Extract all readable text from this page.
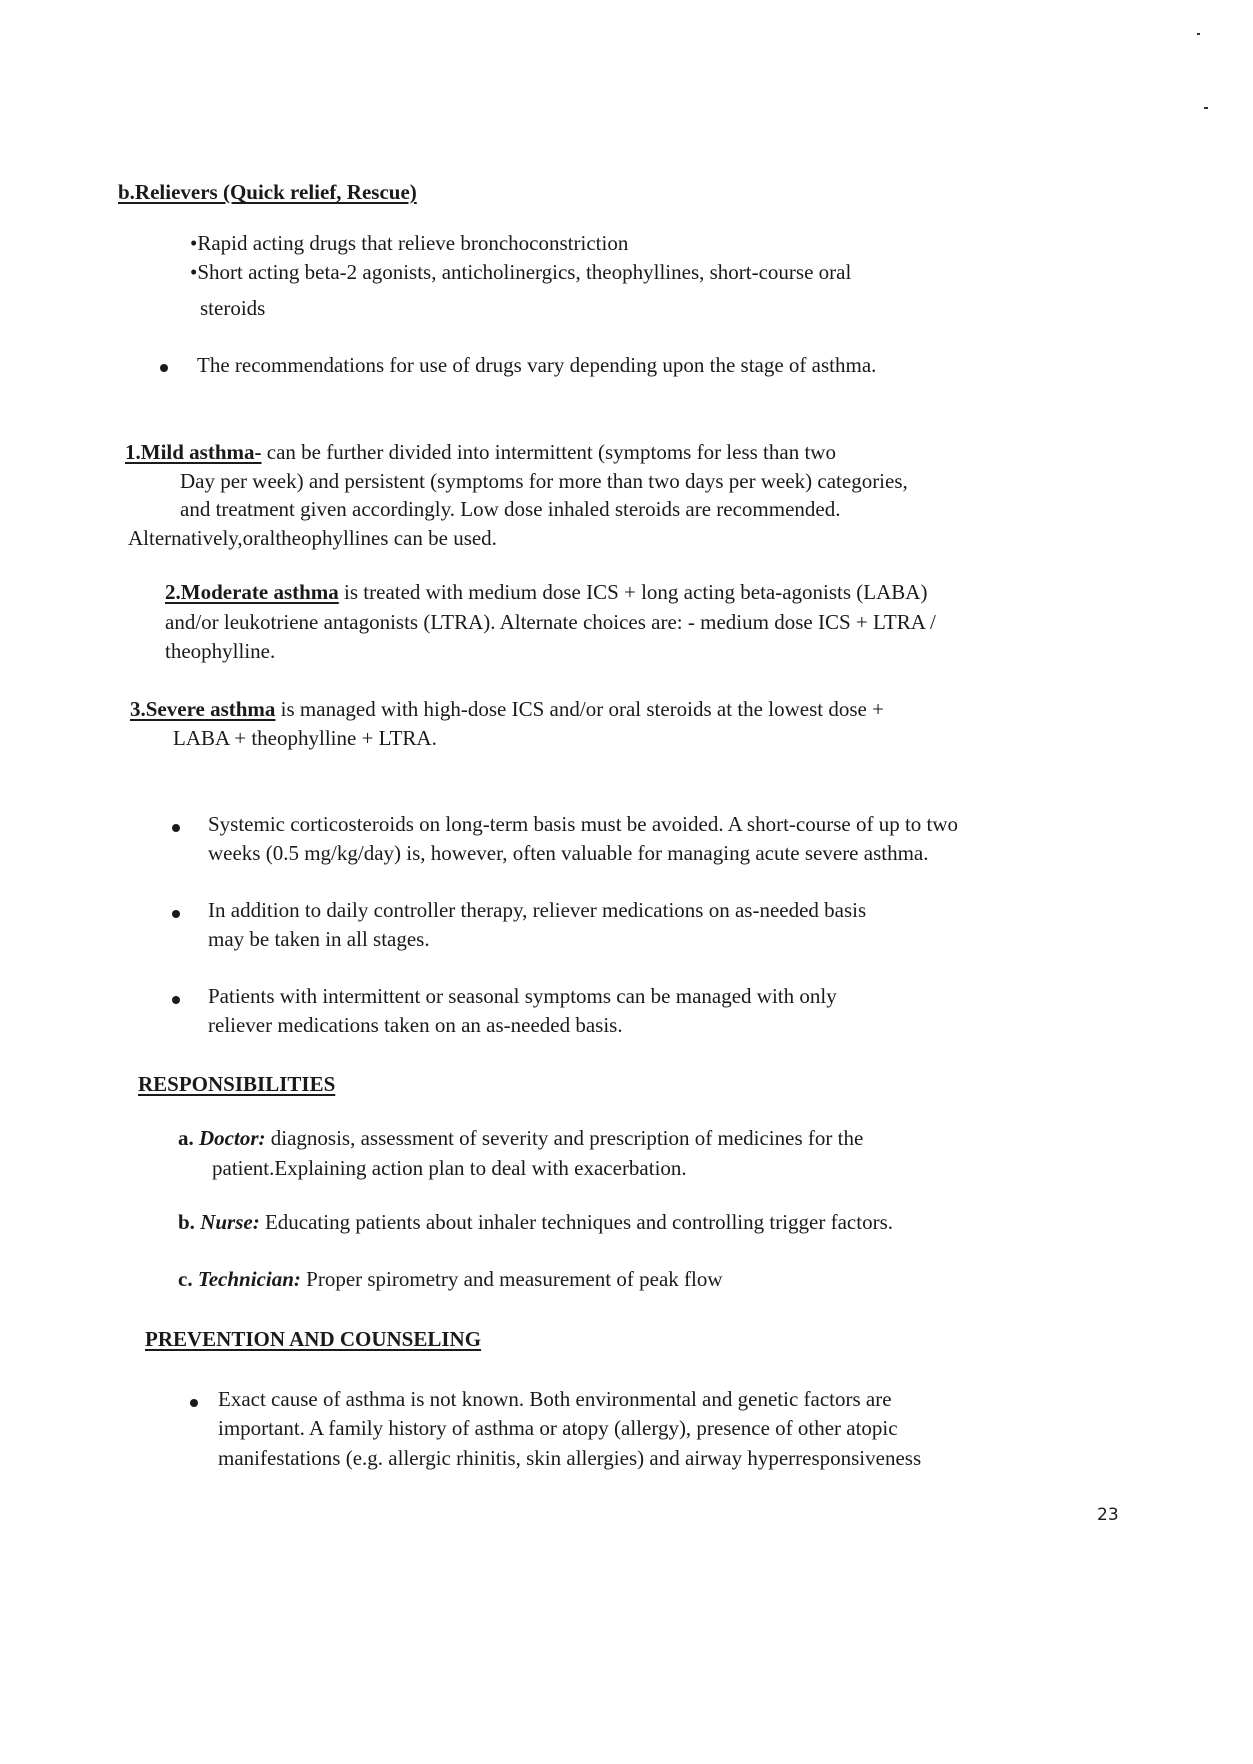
b.Relievers (Quick relief, Rescue)
•Rapid acting drugs that relieve bronchoconstriction
•Short acting beta-2 agonists, anticholinergics, theophyllines, short-course oral
steroids
The recommendations for use of drugs vary depending upon the stage of asthma.
1.Mild asthma- can be further divided into intermittent (symptoms for less than two
Day per week) and persistent (symptoms for more than two days per week) categories,
and treatment given accordingly. Low dose inhaled steroids are recommended.
Alternatively,oraltheophyllines can be used.
2.Moderate asthma is treated with medium dose ICS + long acting beta-agonists (LABA)
and/or leukotriene antagonists (LTRA). Alternate choices are: - medium dose ICS + LTRA /
theophylline.
3.Severe asthma is managed with high-dose ICS and/or oral steroids at the lowest dose +
LABA + theophylline + LTRA.
Systemic corticosteroids on long-term basis must be avoided. A short-course of up to two
weeks (0.5 mg/kg/day) is, however, often valuable for managing acute severe asthma.
In addition to daily controller therapy, reliever medications on as-needed basis
may be taken in all stages.
Patients with intermittent or seasonal symptoms can be managed with only
reliever medications taken on an as-needed basis.
RESPONSIBILITIES
a. Doctor: diagnosis, assessment of severity and prescription of medicines for the
patient.Explaining action plan to deal with exacerbation.
b. Nurse: Educating patients about inhaler techniques and controlling trigger factors.
c. Technician: Proper spirometry and measurement of peak flow
PREVENTION AND COUNSELING
Exact cause of asthma is not known. Both environmental and genetic factors are
important. A family history of asthma or atopy (allergy), presence of other atopic
manifestations (e.g. allergic rhinitis, skin allergies) and airway hyperresponsiveness
23
